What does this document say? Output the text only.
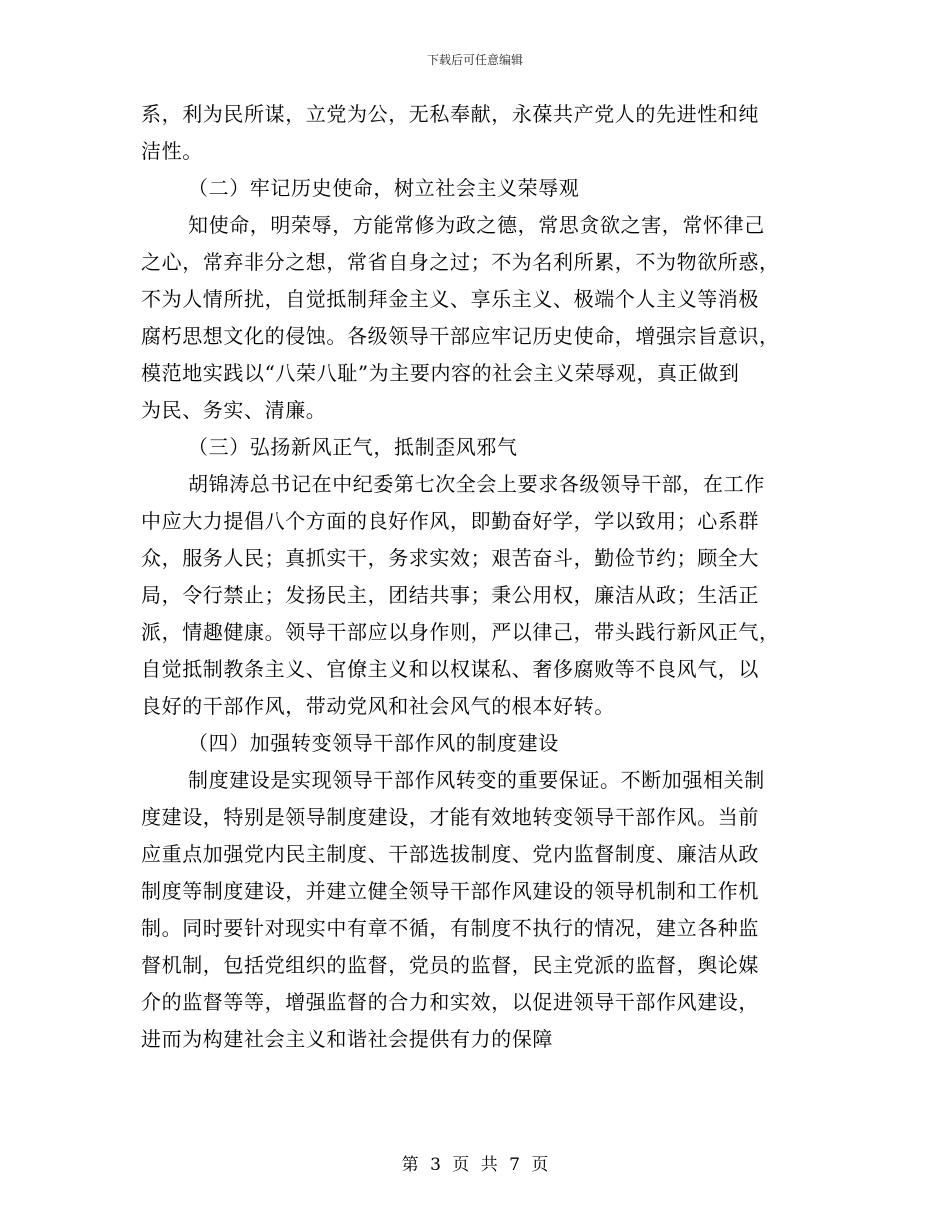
下载后可任意编辑
系，利为民所谋，立党为公，无私奉献，永葆共产党人的先进性和纯
洁性。
（二）牢记历史使命，树立社会主义荣辱观
知使命，明荣辱，方能常修为政之德，常思贪欲之害，常怀律己
之心，常弃非分之想，常省自身之过；不为名利所累，不为物欲所惑，
不为人情所扰，自觉抵制拜金主义、享乐主义、极端个人主义等消极
腐朽思想文化的侵蚀。各级领导干部应牢记历史使命，增强宗旨意识，
模范地实践以“八荣八耻”为主要内容的社会主义荣辱观，真正做到
为民、务实、清廉。
（三）弘扬新风正气，抵制歪风邪气
胡锦涛总书记在中纪委第七次全会上要求各级领导干部，在工作
中应大力提倡八个方面的良好作风，即勤奋好学，学以致用；心系群
众，服务人民；真抓实干，务求实效；艰苦奋斗，勤俭节约；顾全大
局，令行禁止；发扬民主，团结共事；秉公用权，廉洁从政；生活正
派，情趣健康。领导干部应以身作则，严以律己，带头践行新风正气，
自觉抵制教条主义、官僚主义和以权谋私、奢侈腐败等不良风气，以
良好的干部作风，带动党风和社会风气的根本好转。
（四）加强转变领导干部作风的制度建设
制度建设是实现领导干部作风转变的重要保证。不断加强相关制
度建设，特别是领导制度建设，才能有效地转变领导干部作风。当前
应重点加强党内民主制度、干部选拔制度、党内监督制度、廉洁从政
制度等制度建设，并建立健全领导干部作风建设的领导机制和工作机
制。同时要针对现实中有章不循，有制度不执行的情况，建立各种监
督机制，包括党组织的监督，党员的监督，民主党派的监督，舆论媒
介的监督等等，增强监督的合力和实效，以促进领导干部作风建设，
进而为构建社会主义和谐社会提供有力的保障
第 3 页 共 7 页
